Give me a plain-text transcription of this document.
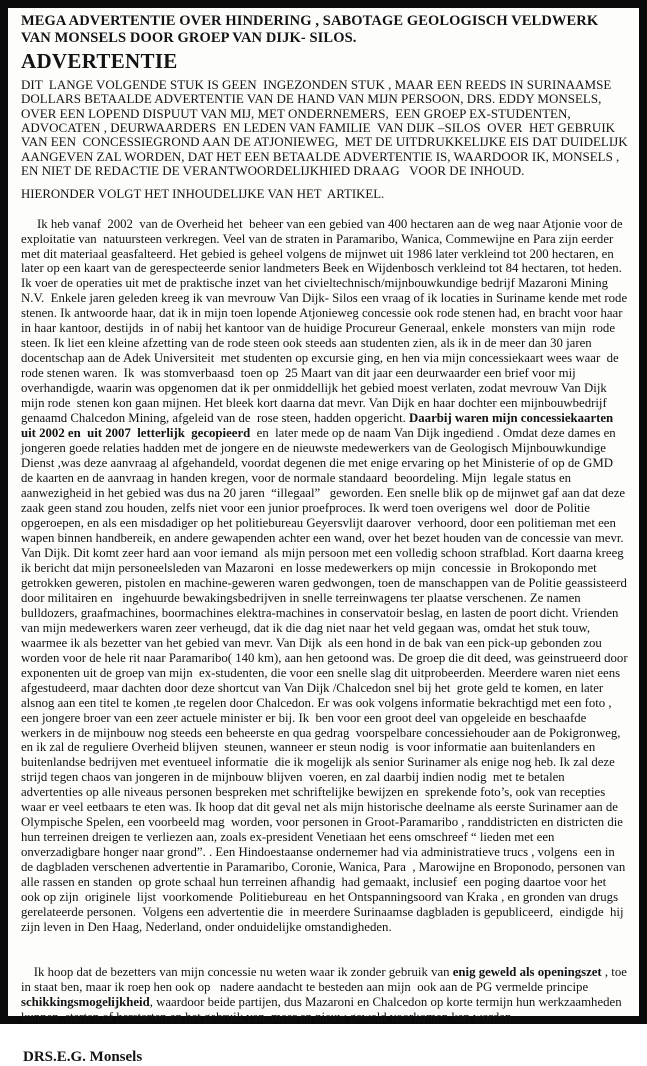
MEGA ADVERTENTIE OVER HINDERING , SABOTAGE GEOLOGISCH VELDWERK  VAN MONSELS DOOR GROEP VAN DIJK- SILOS.
ADVERTENTIE

DIT  LANGE VOLGENDE STUK IS GEEN  INGEZONDEN STUK , MAAR EEN REEDS IN SURINAAMSE DOLLARS BETAALDE ADVERTENTIE VAN DE HAND VAN MIJN PERSOON, DRS. EDDY MONSELS, OVER EEN LOPEND DISPUUT VAN MIJ, MET ONDERNEMERS,  EEN GROEP EX-STUDENTEN,  ADVOCATEN , DEURWAARDERS  EN LEDEN VAN FAMILIE  VAN DIJK –SILOS  OVER  HET GEBRUIK VAN EEN  CONCESSIEGROND AAN DE ATJONIEWEG,  MET DE UITDRUKKELIJKE EIS DAT DUIDELIJK  AANGEVEN ZAL WORDEN, DAT HET EEN BETAALDE ADVERTENTIE IS, WAARDOOR IK, MONSELS , EN NIET DE REDACTIE DE VERANTWOORDELIJKHIED DRAAG   VOOR DE INHOUD.

HIERONDER VOLGT HET INHOUDELIJKE VAN HET  ARTIKEL.

Ik heb vanaf  2002  van de Overheid het  beheer van een gebied van 400 hectaren aan de weg naar Atjonie voor de exploitatie van  natuursteen verkregen. Veel van de straten in Paramaribo, Wanica, Commewijne en Para zijn eerder met dit materiaal geasfalteerd. Het gebied is geheel volgens de mijnwet uit 1986 later verkleind tot 200 hectaren, en later op een kaart van de gerespecteerde senior landmeters Beek en Wijdenbosch verkleind tot 84 hectaren, tot heden. Ik voer de operaties uit met de praktische inzet van het civieltechnisch/mijnbouwkundige bedrijf Mazaroni Mining N.V.  Enkele jaren geleden kreeg ik van mevrouw Van Dijk- Silos een vraag of ik locaties in Suriname kende met rode stenen. Ik antwoorde haar, dat ik in mijn toen lopende Atjonieweg concessie ook rode stenen had, en bracht voor haar in haar kantoor, destijds  in of nabij het kantoor van de huidige Procureur Generaal, enkele  monsters van mijn  rode steen. Ik liet een kleine afzetting van de rode steen ook steeds aan studenten zien, als ik in de meer dan 30 jaren docentschap aan de Adek Universiteit  met studenten op excursie ging, en hen via mijn concessiekaart wees waar  de rode stenen waren.  Ik  was stomverbaasd  toen op  25 Maart van dit jaar een deurwaarder een brief voor mij  overhandigde, waarin was opgenomen dat ik per onmiddellijk het gebied moest verlaten, zodat mevrouw Van Dijk  mijn rode  stenen kon gaan mijnen. Het bleek kort daarna dat mevr. Van Dijk en haar dochter een mijnbouwbedrijf  genaamd Chalcedon Mining, afgeleid van de  rose steen, hadden opgericht. Daarbij waren mijn concessiekaarten uit 2002 en  uit 2007  letterlijk  gecopieerd  en  later mede op de naam Van Dijk ingediend . Omdat deze dames en jongeren goede relaties hadden met de jongere en de nieuwste medewerkers van de Geologisch Mijnbouwkundige Dienst ,was deze aanvraag al afgehandeld, voordat degenen die met enige ervaring op het Ministerie of op de GMD  de kaarten en de aanvraag in handen kregen, voor de normale standaard  beoordeling. Mijn  legale status en  aanwezigheid in het gebied was dus na 20 jaren  “illegaal”   geworden. Een snelle blik op de mijnwet gaf aan dat deze zaak geen stand zou houden, zelfs niet voor een junior proefproces. Ik werd toen overigens wel  door de Politie opgeroepen, en als een misdadiger op het politiebureau Geyersvlijt daarover  verhoord, door een politieman met een wapen binnen handbereik, en andere gewapenden achter een wand, over het bezet houden van de concessie van mevr. Van Dijk. Dit komt zeer hard aan voor iemand  als mijn persoon met een volledig schoon strafblad. Kort daarna kreeg ik bericht dat mijn personeelsleden van Mazaroni  en losse medewerkers op mijn  concessie  in Brokopondo met getrokken geweren, pistolen en machine-geweren waren gedwongen, toen de manschappen van de Politie geassisteerd door militairen en   ingehuurde bewakingsbedrijven in snelle terreinwagens ter plaatse verschenen. Ze namen bulldozers, graafmachines, boormachines elektra-machines in conservatoir beslag, en lasten de poort dicht. Vrienden van mijn medewerkers waren zeer verheugd, dat ik die dag niet naar het veld gegaan was, omdat het stuk touw, waarmee ik als bezetter van het gebied van mevr. Van Dijk  als een hond in de bak van een pick-up gebonden zou worden voor de hele rit naar Paramaribo( 140 km), aan hen getoond was. De groep die dit deed, was geinstrueerd door exponenten uit de groep van mijn  ex-studenten, die voor een snelle slag dit uitprobeerden. Meerdere waren niet eens afgestudeerd, maar dachten door deze shortcut van Van Dijk /Chalcedon snel bij het  grote geld te komen, en later alsnog aan een titel te komen ,te regelen door Chalcedon. Er was ook volgens informatie bekrachtigd met een foto , een jongere broer van een zeer actuele minister er bij. Ik  ben voor een groot deel van opgeleide en beschaafde werkers in de mijnbouw nog steeds een beheerste en qua gedrag  voorspelbare concessiehouder aan de Pokigronweg, en ik zal de reguliere Overheid blijven  steunen, wanneer er steun nodig  is voor informatie aan buitenlanders en buitenlandse bedrijven met eventueel informatie  die ik mogelijk als senior Surinamer als enige nog heb. Ik zal deze strijd tegen chaos van jongeren in de mijnbouw blijven  voeren, en zal daarbij indien nodig  met te betalen advertenties op alle niveaus personen bespreken met schriftelijke bewijzen en  sprekende foto’s, ook van recepties waar er veel eetbaars te eten was. Ik hoop dat dit geval net als mijn historische deelname als eerste Surinamer aan de Olympische Spelen, een voorbeeld mag  worden, voor personen in Groot-Paramaribo , randdistricten en districten die hun terreinen dreigen te verliezen aan, zoals ex-president Venetiaan het eens omschreef “ lieden met een onverzadigbare honger naar grond”. . Een Hindoestaanse ondernemer had via administratieve trucs , volgens  een in de dagbladen verschenen advertentie in Paramaribo, Coronie, Wanica, Para  , Marowijne en Broponodo, personen van alle rassen en standen  op grote schaal hun terreinen afhandig  had gemaakt, inclusief  een poging daartoe voor het  ook op zijn  originele  lijst  voorkomende  Politiebureau  en het Ontspanningsoord van Kraka , en gronden van drugs gerelateerde personen.  Volgens een advertentie die  in meerdere Surinaamse dagbladen is gepubliceerd,  eindigde  hij zijn leven in Den Haag, Nederland, onder onduidelijke omstandigheden.

Ik hoop dat de bezetters van mijn concessie nu weten waar ik zonder gebruik van enig geweld als openingszet , toe in staat ben, maar ik roep hen ook op   nadere aandacht te besteden aan mijn  ook aan de PG vermelde principe schikkingsmogelijkheid, waardoor beide partijen, dus Mazaroni en Chalcedon op korte termijn hun werkzaamheden kunnen  starten of herstarten en het gebruik van  meer en nieuw geweld voorkomen kan worden.

DRS.E.G. Monsels
